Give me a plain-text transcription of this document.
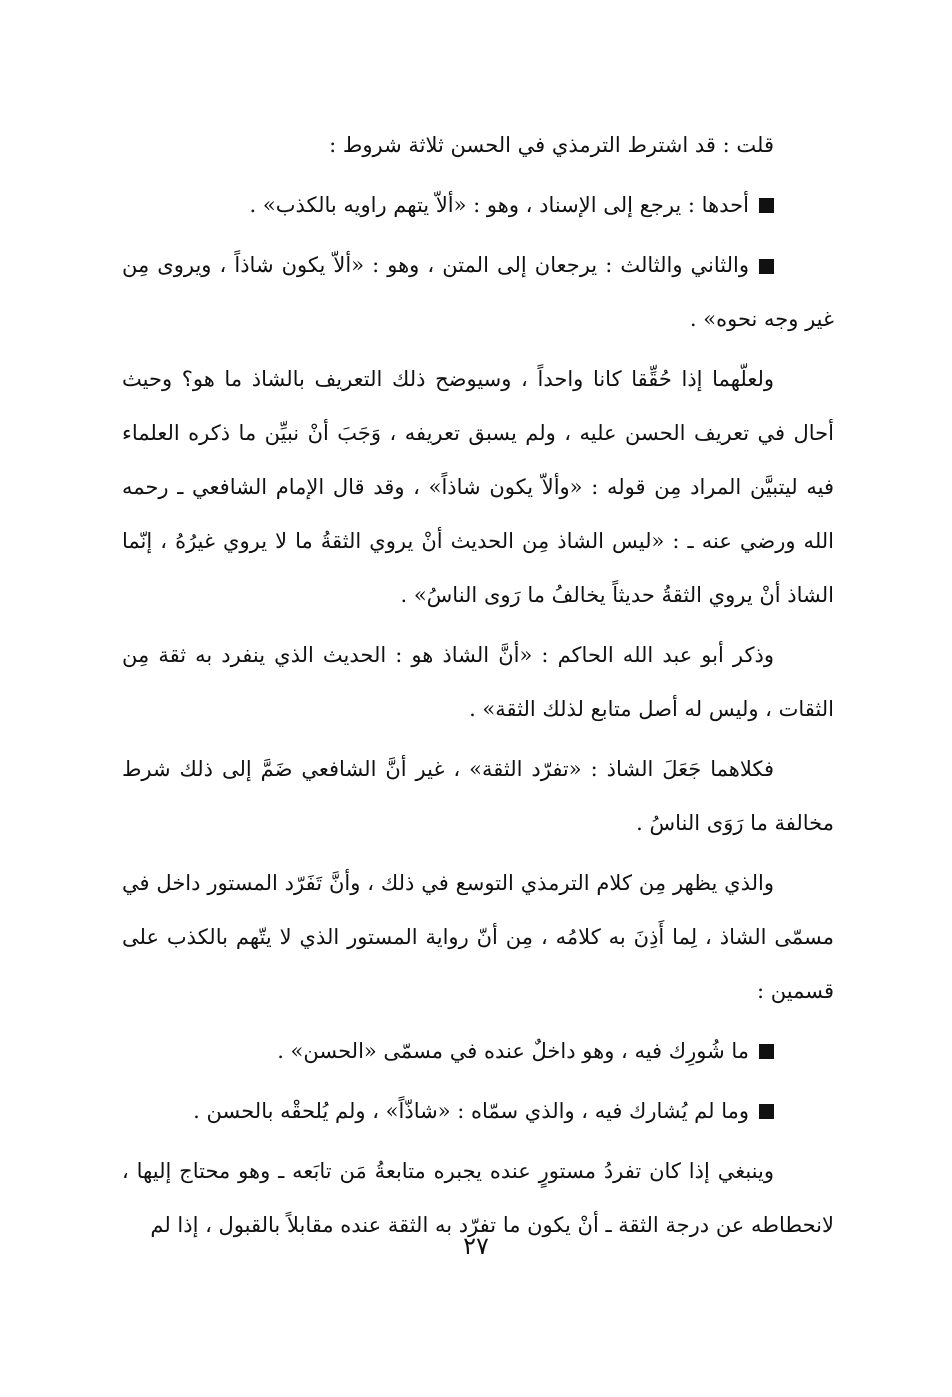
قلت : قد اشترط الترمذي في الحسن ثلاثة شروط :

أحدها : يرجع إلى الإسناد ، وهو : «ألاّ يتهم راويه بالكذب» .

والثاني والثالث : يرجعان إلى المتن ، وهو : «ألاّ يكون شاذاً ، ويروى مِن غير وجه نحوه» .

ولعلّهما إذا حُقِّقا كانا واحداً ، وسيوضح ذلك التعريف بالشاذ ما هو؟ وحيث أحال في تعريف الحسن عليه ، ولم يسبق تعريفه ، وَجَبَ أنْ نبيِّن ما ذكره العلماء فيه ليتبيَّن المراد مِن قوله : «وألاّ يكون شاذاً» ، وقد قال الإمام الشافعي ـ رحمه الله ورضي عنه ـ : «ليس الشاذ مِن الحديث أنْ يروي الثقةُ ما لا يروي غيرُهُ ، إنّما الشاذ أنْ يروي الثقةُ حديثاً يخالفُ ما رَوى الناسُ» .

وذكر أبو عبد الله الحاكم : «أنَّ الشاذ هو : الحديث الذي ينفرد به ثقة مِن الثقات ، وليس له أصل متابع لذلك الثقة» .

فكلاهما جَعَلَ الشاذ : «تفرّد الثقة» ، غير أنَّ الشافعي ضَمَّ إلى ذلك شرط مخالفة ما رَوَى الناسُ .

والذي يظهر مِن كلام الترمذي التوسع في ذلك ، وأنَّ تَفَرّد المستور داخل في مسمّى الشاذ ، لِما أَذِنَ به كلامُه ، مِن أنّ رواية المستور الذي لا يتّهم بالكذب على قسمين :

ما شُورِك فيه ، وهو داخلٌ عنده في مسمّى «الحسن» .
وما لم يُشارك فيه ، والذي سمّاه : «شاذّاً» ، ولم يُلحقْه بالحسن .

وينبغي إذا كان تفردُ مستورٍ عنده يجبره متابعةُ مَن تابَعه ـ وهو محتاج إليها ، لانحطاطه عن درجة الثقة ـ أنْ يكون ما تفرّد به الثقة عنده مقابلاً بالقبول ، إذا لم

٢٧
